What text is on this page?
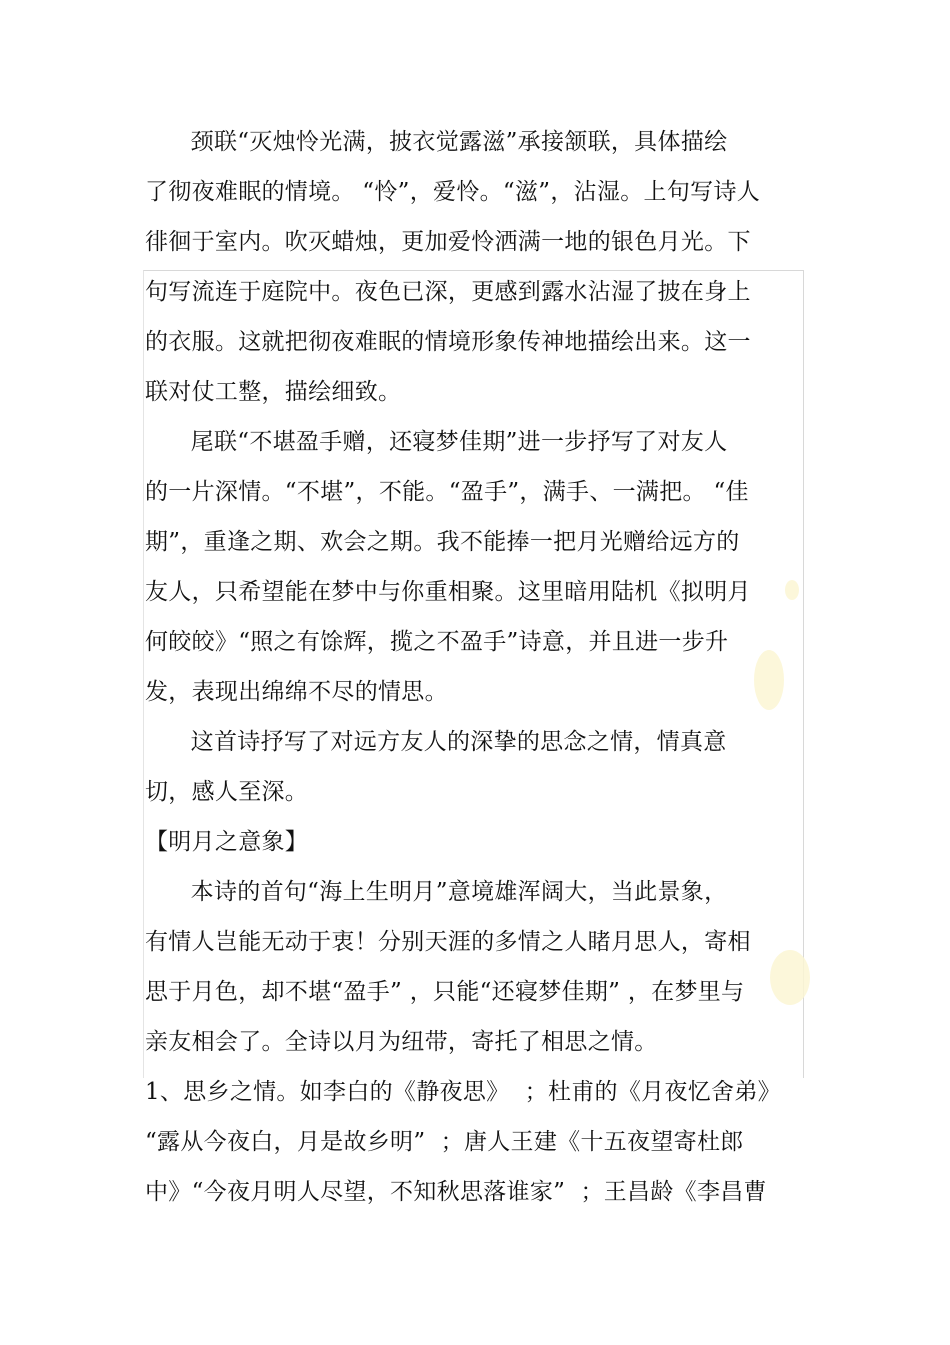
颈联“灭烛怜光满，披衣觉露滋”承接颔联，具体描绘
了彻夜难眠的情境。 “怜”，爱怜。“滋”，沾湿。上句写诗人
徘徊于室内。吹灭蜡烛，更加爱怜洒满一地的银色月光。下
句写流连于庭院中。夜色已深，更感到露水沾湿了披在身上
的衣服。这就把彻夜难眠的情境形象传神地描绘出来。这一
联对仗工整，描绘细致。
尾联“不堪盈手赠，还寝梦佳期”进一步抒写了对友人
的一片深情。“不堪”，不能。“盈手”，满手、一满把。 “佳
期”，重逢之期、欢会之期。我不能捧一把月光赠给远方的
友人，只希望能在梦中与你重相聚。这里暗用陆机《拟明月
何皎皎》“照之有馀辉，揽之不盈手”诗意，并且进一步升
发，表现出绵绵不尽的情思。
这首诗抒写了对远方友人的深挚的思念之情，情真意
切，感人至深。
【明月之意象】
本诗的首句“海上生明月”意境雄浑阔大，当此景象，
有情人岂能无动于衷！分别天涯的多情之人睹月思人，寄相
思于月色，却不堪“盈手” ，只能“还寝梦佳期” ，在梦里与
亲友相会了。全诗以月为纽带，寄托了相思之情。
1、思乡之情。如李白的《静夜思》  ；杜甫的《月夜忆舍弟》
“露从今夜白，月是故乡明”  ；唐人王建《十五夜望寄杜郎
中》“今夜月明人尽望，不知秋思落谁家”  ；王昌龄《李昌曹
